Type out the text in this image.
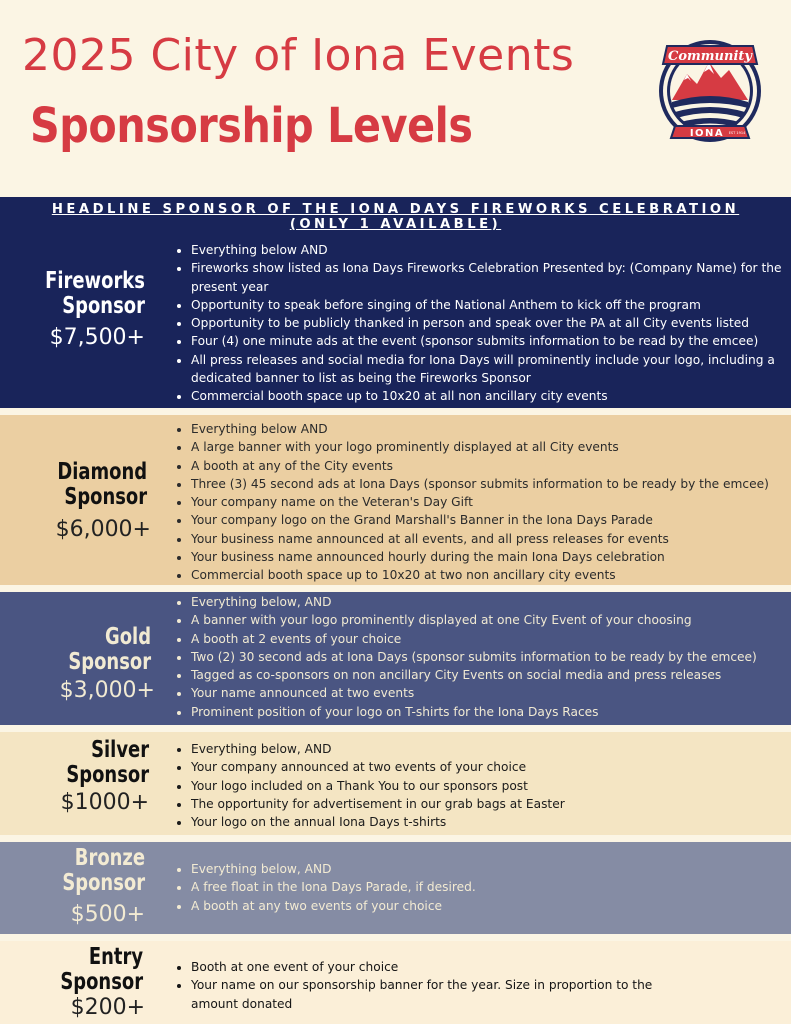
2025 City of Iona Events
Sponsorship Levels
Community
IONA EST 1914
HEADLINE SPONSOR OF THE IONA DAYS FIREWORKS CELEBRATION
(ONLY 1 AVAILABLE)
Fireworks
Sponsor
$7,500+
• Everything below AND
• Fireworks show listed as Iona Days Fireworks Celebration Presented by: (Company Name) for the present year
• Opportunity to speak before singing of the National Anthem to kick off the program
• Opportunity to be publicly thanked in person and speak over the PA at all City events listed
• Four (4) one minute ads at the event (sponsor submits information to be read by the emcee)
• All press releases and social media for Iona Days will prominently include your logo, including a dedicated banner to list as being the Fireworks Sponsor
• Commercial booth space up to 10x20 at all non ancillary city events
Diamond
Sponsor
$6,000+
• Everything below AND
• A large banner with your logo prominently displayed at all City events
• A booth at any of the City events
• Three (3) 45 second ads at Iona Days (sponsor submits information to be ready by the emcee)
• Your company name on the Veteran's Day Gift
• Your company logo on the Grand Marshall's Banner in the Iona Days Parade
• Your business name announced at all events, and all press releases for events
• Your business name announced hourly during the main Iona Days celebration
• Commercial booth space up to 10x20 at two non ancillary city events
Gold
Sponsor
$3,000+
• Everything below, AND
• A banner with your logo prominently displayed at one City Event of your choosing
• A booth at 2 events of your choice
• Two (2) 30 second ads at Iona Days (sponsor submits information to be ready by the emcee)
• Tagged as co-sponsors on non ancillary City Events on social media and press releases
• Your name announced at two events
• Prominent position of your logo on T-shirts for the Iona Days Races
Silver
Sponsor
$1000+
• Everything below, AND
• Your company announced at two events of your choice
• Your logo included on a Thank You to our sponsors post
• The opportunity for advertisement in our grab bags at Easter
• Your logo on the annual Iona Days t-shirts
Bronze
Sponsor
$500+
• Everything below, AND
• A free float in the Iona Days Parade, if desired.
• A booth at any two events of your choice
Entry
Sponsor
$200+
• Booth at one event of your choice
• Your name on our sponsorship banner for the year. Size in proportion to the amount donated
